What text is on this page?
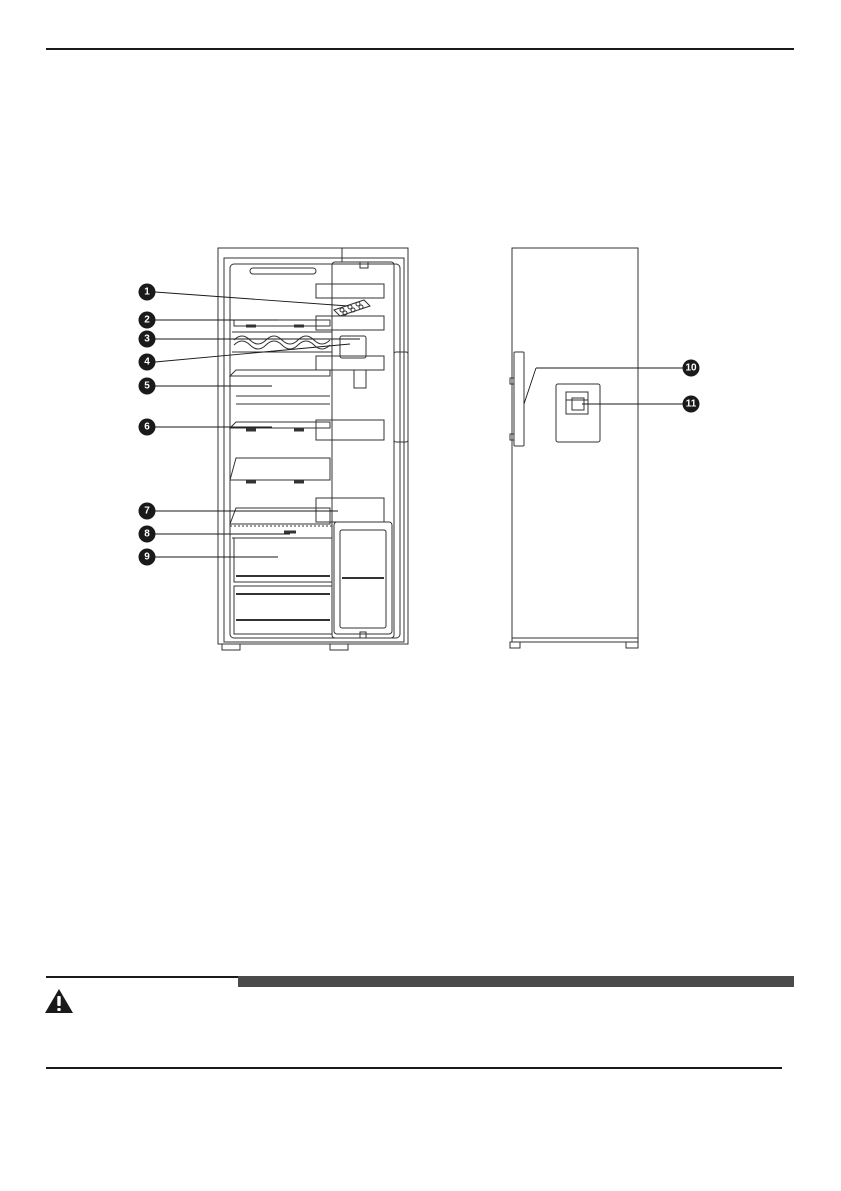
1
2
3
4
5
6
7
8
9
10
11
